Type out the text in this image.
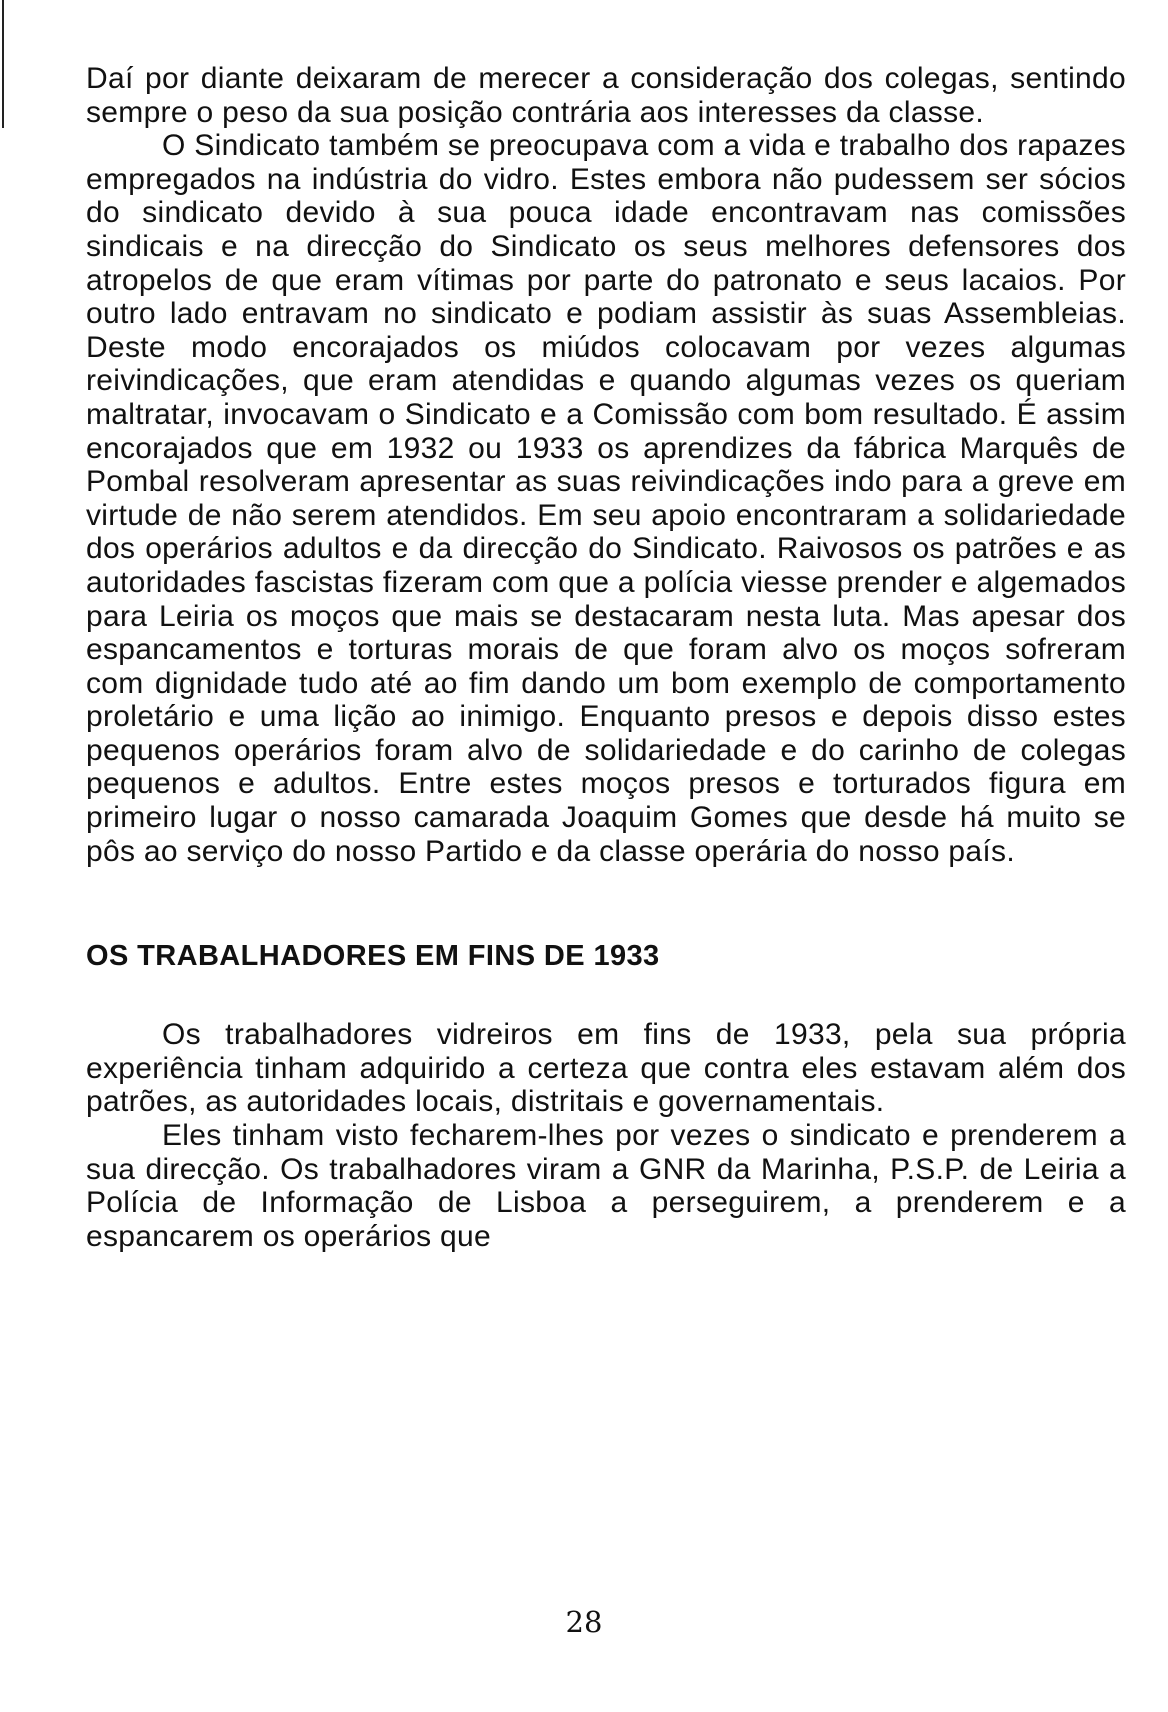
Daí por diante deixaram de merecer a consideração dos colegas, sentindo sempre o peso da sua posição contrária aos interesses da classe.

O Sindicato também se preocupava com a vida e trabalho dos rapazes empregados na indústria do vidro. Estes embora não pudessem ser sócios do sindicato devido à sua pouca idade encontravam nas comissões sindicais e na direcção do Sindicato os seus melhores defensores dos atropelos de que eram vítimas por parte do patronato e seus lacaios. Por outro lado entravam no sindicato e podiam assistir às suas Assembleias. Deste modo encorajados os miúdos colocavam por vezes algumas reivindicações, que eram atendidas e quando algumas vezes os queriam maltratar, invocavam o Sindicato e a Comissão com bom resultado. É assim encorajados que em 1932 ou 1933 os aprendizes da fábrica Marquês de Pombal resolveram apresentar as suas reivindicações indo para a greve em virtude de não serem atendidos. Em seu apoio encontraram a solidariedade dos operários adultos e da direcção do Sindicato. Raivosos os patrões e as autoridades fascistas fizeram com que a polícia viesse prender e algemados para Leiria os moços que mais se destacaram nesta luta. Mas apesar dos espancamentos e torturas morais de que foram alvo os moços sofreram com dignidade tudo até ao fim dando um bom exemplo de comportamento proletário e uma lição ao inimigo. Enquanto presos e depois disso estes pequenos operários foram alvo de solidariedade e do carinho de colegas pequenos e adultos. Entre estes moços presos e torturados figura em primeiro lugar o nosso camarada Joaquim Gomes que desde há muito se pôs ao serviço do nosso Partido e da classe operária do nosso país.

OS TRABALHADORES EM FINS DE 1933

Os trabalhadores vidreiros em fins de 1933, pela sua própria experiência tinham adquirido a certeza que contra eles estavam além dos patrões, as autoridades locais, distritais e governamentais.

Eles tinham visto fecharem-lhes por vezes o sindicato e prenderem a sua direcção. Os trabalhadores viram a GNR da Marinha, P.S.P. de Leiria a Polícia de Informação de Lisboa a perseguirem, a prenderem e a espancarem os operários que

28
